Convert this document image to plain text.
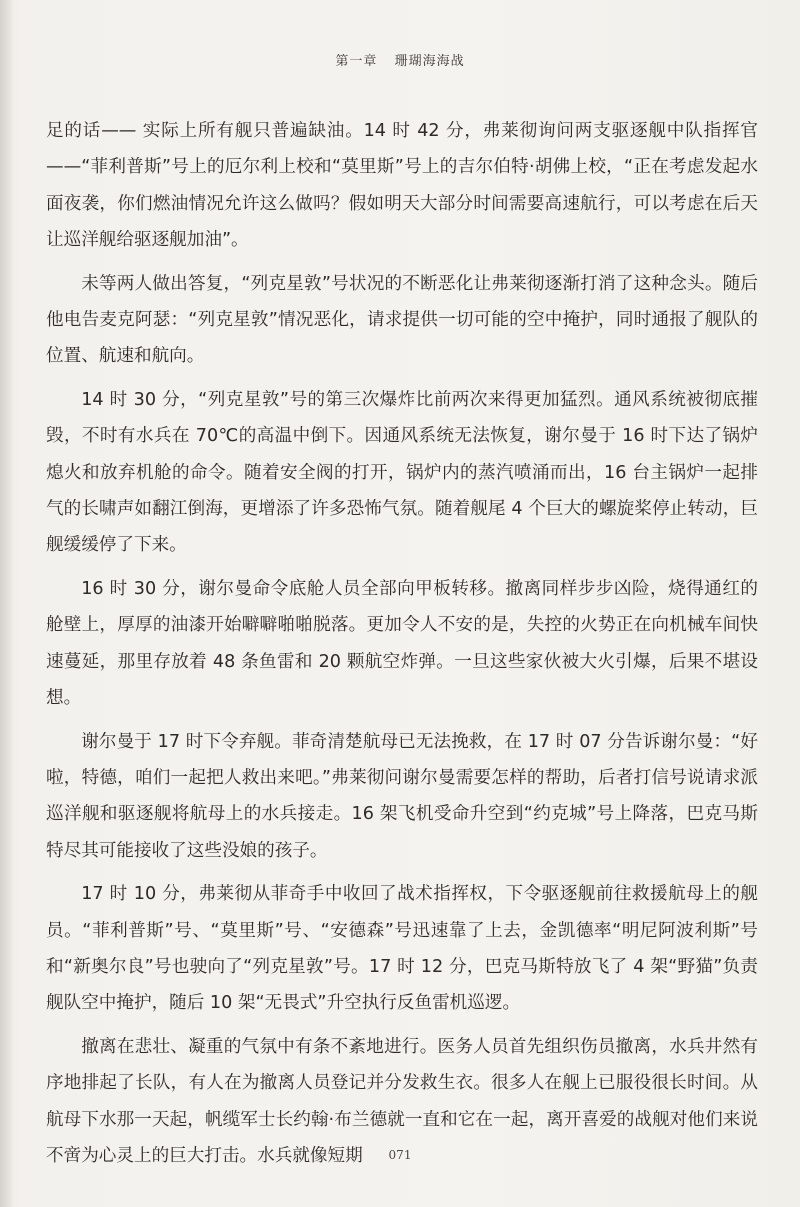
第一章 珊瑚海海战

足的话—— 实际上所有舰只普遍缺油。14 时 42 分，弗莱彻询问两支驱逐舰中队指挥官——“菲利普斯”号上的厄尔利上校和“莫里斯”号上的吉尔伯特·胡佛上校，“正在考虑发起水面夜袭，你们燃油情况允许这么做吗？假如明天大部分时间需要高速航行，可以考虑在后天让巡洋舰给驱逐舰加油”。

未等两人做出答复，“列克星敦”号状况的不断恶化让弗莱彻逐渐打消了这种念头。随后他电告麦克阿瑟：“列克星敦”情况恶化，请求提供一切可能的空中掩护，同时通报了舰队的位置、航速和航向。

14 时 30 分，“列克星敦”号的第三次爆炸比前两次来得更加猛烈。通风系统被彻底摧毁，不时有水兵在 70℃的高温中倒下。因通风系统无法恢复，谢尔曼于 16 时下达了锅炉熄火和放弃机舱的命令。随着安全阀的打开，锅炉内的蒸汽喷涌而出，16 台主锅炉一起排气的长啸声如翻江倒海，更增添了许多恐怖气氛。随着舰尾 4 个巨大的螺旋桨停止转动，巨舰缓缓停了下来。

16 时 30 分，谢尔曼命令底舱人员全部向甲板转移。撤离同样步步凶险，烧得通红的舱壁上，厚厚的油漆开始噼噼啪啪脱落。更加令人不安的是，失控的火势正在向机械车间快速蔓延，那里存放着 48 条鱼雷和 20 颗航空炸弹。一旦这些家伙被大火引爆，后果不堪设想。

谢尔曼于 17 时下令弃舰。菲奇清楚航母已无法挽救，在 17 时 07 分告诉谢尔曼：“好啦，特德，咱们一起把人救出来吧。”弗莱彻问谢尔曼需要怎样的帮助，后者打信号说请求派巡洋舰和驱逐舰将航母上的水兵接走。16 架飞机受命升空到“约克城”号上降落，巴克马斯特尽其可能接收了这些没娘的孩子。

17 时 10 分，弗莱彻从菲奇手中收回了战术指挥权，下令驱逐舰前往救援航母上的舰员。“菲利普斯”号、“莫里斯”号、“安德森”号迅速靠了上去，金凯德率“明尼阿波利斯”号和“新奥尔良”号也驶向了“列克星敦”号。17 时 12 分，巴克马斯特放飞了 4 架“野猫”负责舰队空中掩护，随后 10 架“无畏式”升空执行反鱼雷机巡逻。

撤离在悲壮、凝重的气氛中有条不紊地进行。医务人员首先组织伤员撤离，水兵井然有序地排起了长队，有人在为撤离人员登记并分发救生衣。很多人在舰上已服役很长时间。从航母下水那一天起，帆缆军士长约翰·布兰德就一直和它在一起，离开喜爱的战舰对他们来说不啻为心灵上的巨大打击。水兵就像短期	071
